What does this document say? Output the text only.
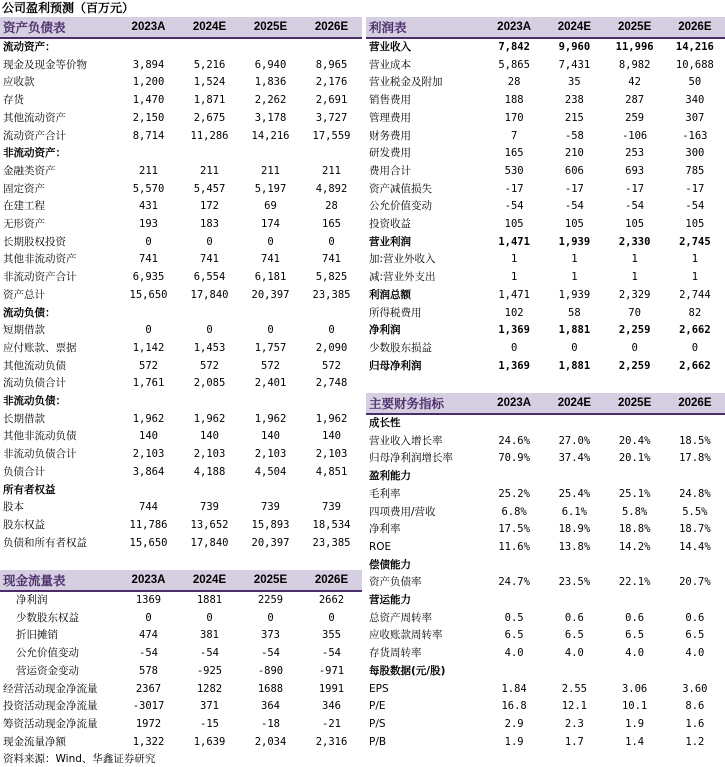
公司盈利预测（百万元）
资产负债表	2023A	2024E	2025E	2026E
流动资产：				
现金及现金等价物	3,894	5,216	6,940	8,965
应收款	1,200	1,524	1,836	2,176
存货	1,470	1,871	2,262	2,691
其他流动资产	2,150	2,675	3,178	3,727
流动资产合计	8,714	11,286	14,216	17,559
非流动资产：				
金融类资产	211	211	211	211
固定资产	5,570	5,457	5,197	4,892
在建工程	431	172	69	28
无形资产	193	183	174	165
长期股权投资	0	0	0	0
其他非流动资产	741	741	741	741
非流动资产合计	6,935	6,554	6,181	5,825
资产总计	15,650	17,840	20,397	23,385
流动负债：				
短期借款	0	0	0	0
应付账款、票据	1,142	1,453	1,757	2,090
其他流动负债	572	572	572	572
流动负债合计	1,761	2,085	2,401	2,748
非流动负债：				
长期借款	1,962	1,962	1,962	1,962
其他非流动负债	140	140	140	140
非流动负债合计	2,103	2,103	2,103	2,103
负债合计	3,864	4,188	4,504	4,851
所有者权益				
股本	744	739	739	739
股东权益	11,786	13,652	15,893	18,534
负债和所有者权益	15,650	17,840	20,397	23,385
利润表	2023A	2024E	2025E	2026E
营业收入	7,842	9,960	11,996	14,216
营业成本	5,865	7,431	8,982	10,688
营业税金及附加	28	35	42	50
销售费用	188	238	287	340
管理费用	170	215	259	307
财务费用	7	-58	-106	-163
研发费用	165	210	253	300
费用合计	530	606	693	785
资产减值损失	-17	-17	-17	-17
公允价值变动	-54	-54	-54	-54
投资收益	105	105	105	105
营业利润	1,471	1,939	2,330	2,745
加:营业外收入	1	1	1	1
减:营业外支出	1	1	1	1
利润总额	1,471	1,939	2,329	2,744
所得税费用	102	58	70	82
净利润	1,369	1,881	2,259	2,662
少数股东损益	0	0	0	0
归母净利润	1,369	1,881	2,259	2,662
主要财务指标	2023A	2024E	2025E	2026E
成长性				
营业收入增长率	24.6%	27.0%	20.4%	18.5%
归母净利润增长率	70.9%	37.4%	20.1%	17.8%
盈利能力				
毛利率	25.2%	25.4%	25.1%	24.8%
四项费用/营收	6.8%	6.1%	5.8%	5.5%
净利率	17.5%	18.9%	18.8%	18.7%
ROE	11.6%	13.8%	14.2%	14.4%
偿债能力				
资产负债率	24.7%	23.5%	22.1%	20.7%
营运能力				
总资产周转率	0.5	0.6	0.6	0.6
应收账款周转率	6.5	6.5	6.5	6.5
存货周转率	4.0	4.0	4.0	4.0
每股数据(元/股)				
EPS	1.84	2.55	3.06	3.60
P/E	16.8	12.1	10.1	8.6
P/S	2.9	2.3	1.9	1.6
P/B	1.9	1.7	1.4	1.2
现金流量表	2023A	2024E	2025E	2026E
净利润	1369	1881	2259	2662
少数股东权益	0	0	0	0
折旧摊销	474	381	373	355
公允价值变动	-54	-54	-54	-54
营运资金变动	578	-925	-890	-971
经营活动现金净流量	2367	1282	1688	1991
投资活动现金净流量	-3017	371	364	346
筹资活动现金净流量	1972	-15	-18	-21
现金流量净额	1,322	1,639	2,034	2,316
资料来源：Wind、华鑫证券研究
